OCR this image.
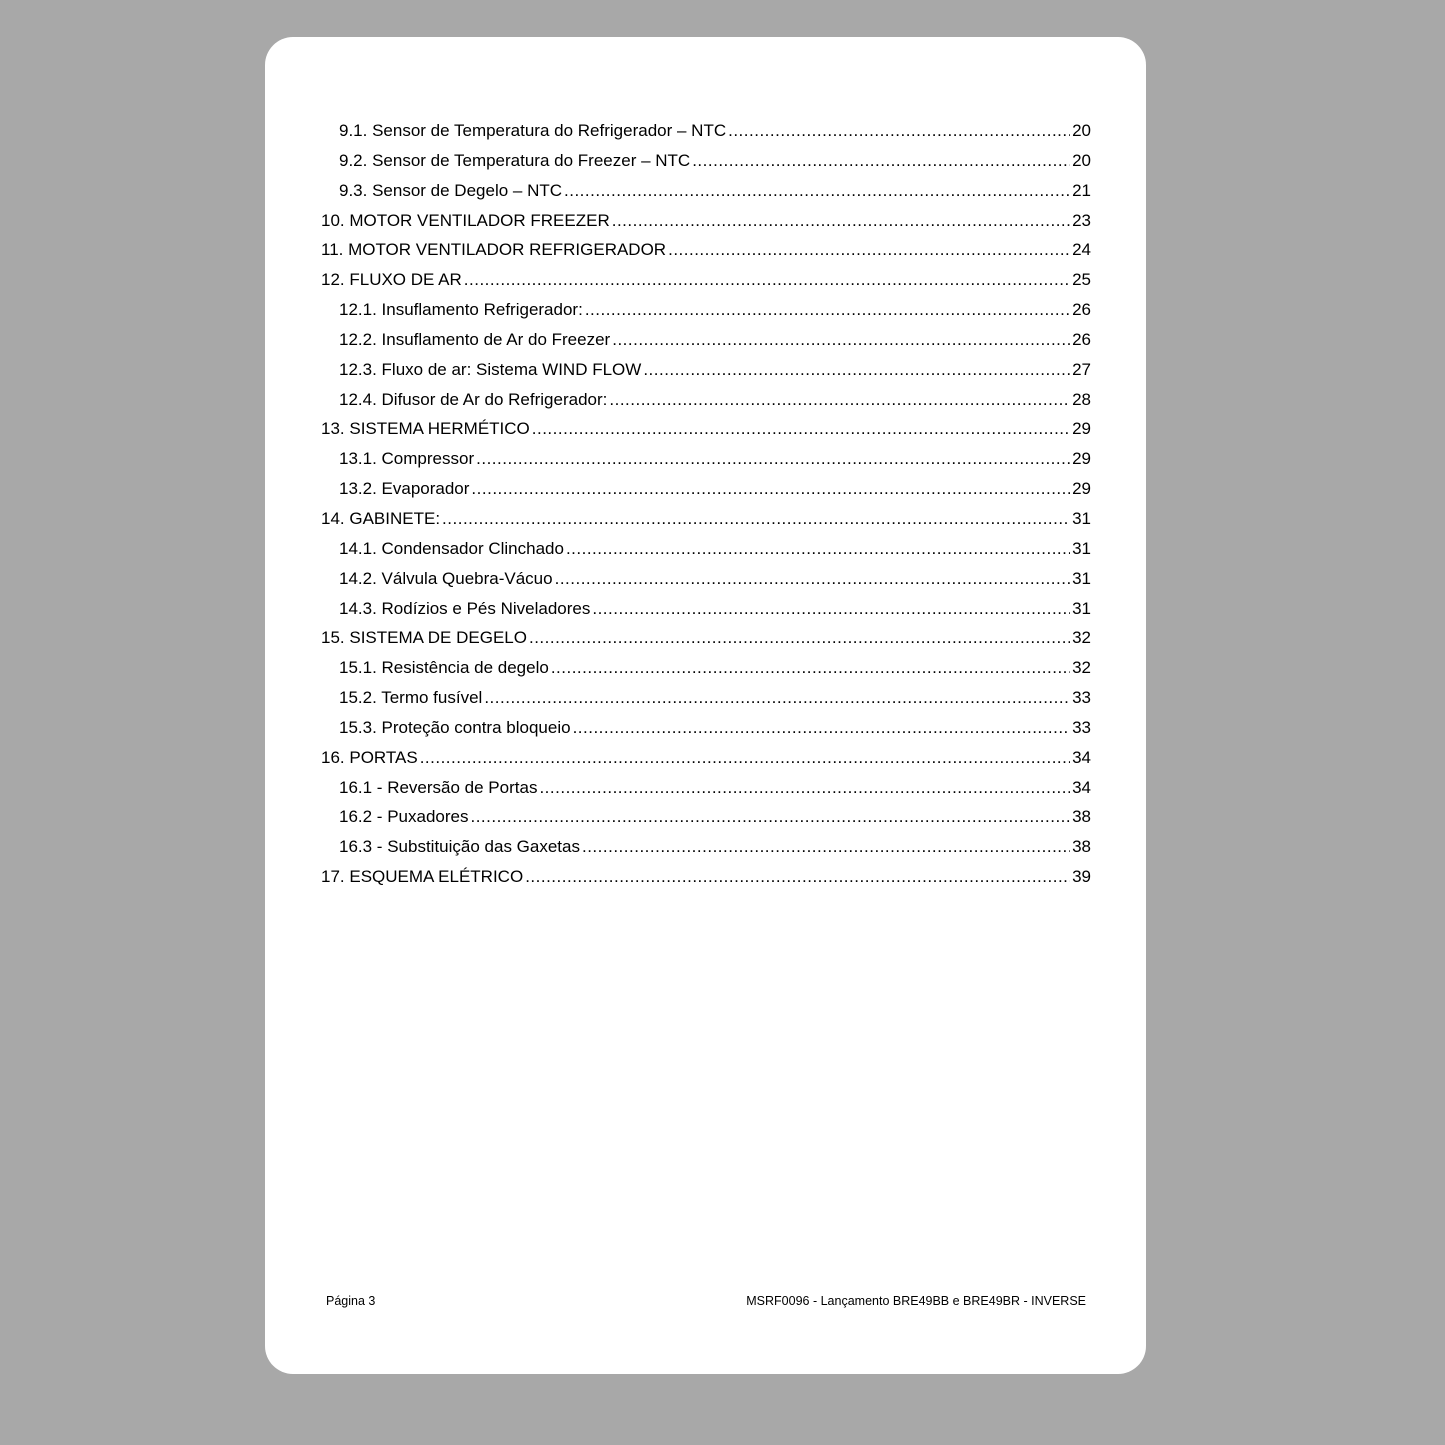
9.1. Sensor de Temperatura do Refrigerador – NTC .....	20
9.2. Sensor de Temperatura do Freezer – NTC .....	20
9.3. Sensor de Degelo – NTC .....	21
10. MOTOR VENTILADOR FREEZER .....	23
11. MOTOR VENTILADOR REFRIGERADOR .....	24
12. FLUXO DE AR .....	25
12.1. Insuflamento Refrigerador: .....	26
12.2. Insuflamento de Ar do Freezer .....	26
12.3. Fluxo de ar: Sistema WIND FLOW .....	27
12.4. Difusor de Ar do Refrigerador: .....	28
13. SISTEMA HERMÉTICO .....	29
13.1. Compressor .....	29
13.2. Evaporador .....	29
14. GABINETE: .....	31
14.1. Condensador Clinchado .....	31
14.2. Válvula Quebra-Vácuo .....	31
14.3. Rodízios e Pés Niveladores .....	31
15. SISTEMA DE DEGELO .....	32
15.1. Resistência de degelo .....	32
15.2. Termo fusível .....	33
15.3. Proteção contra bloqueio .....	33
16. PORTAS .....	34
16.1 - Reversão de Portas .....	34
16.2 - Puxadores .....	38
16.3 - Substituição das Gaxetas .....	38
17. ESQUEMA ELÉTRICO .....	39
Página 3	MSRF0096 - Lançamento BRE49BB e BRE49BR - INVERSE
